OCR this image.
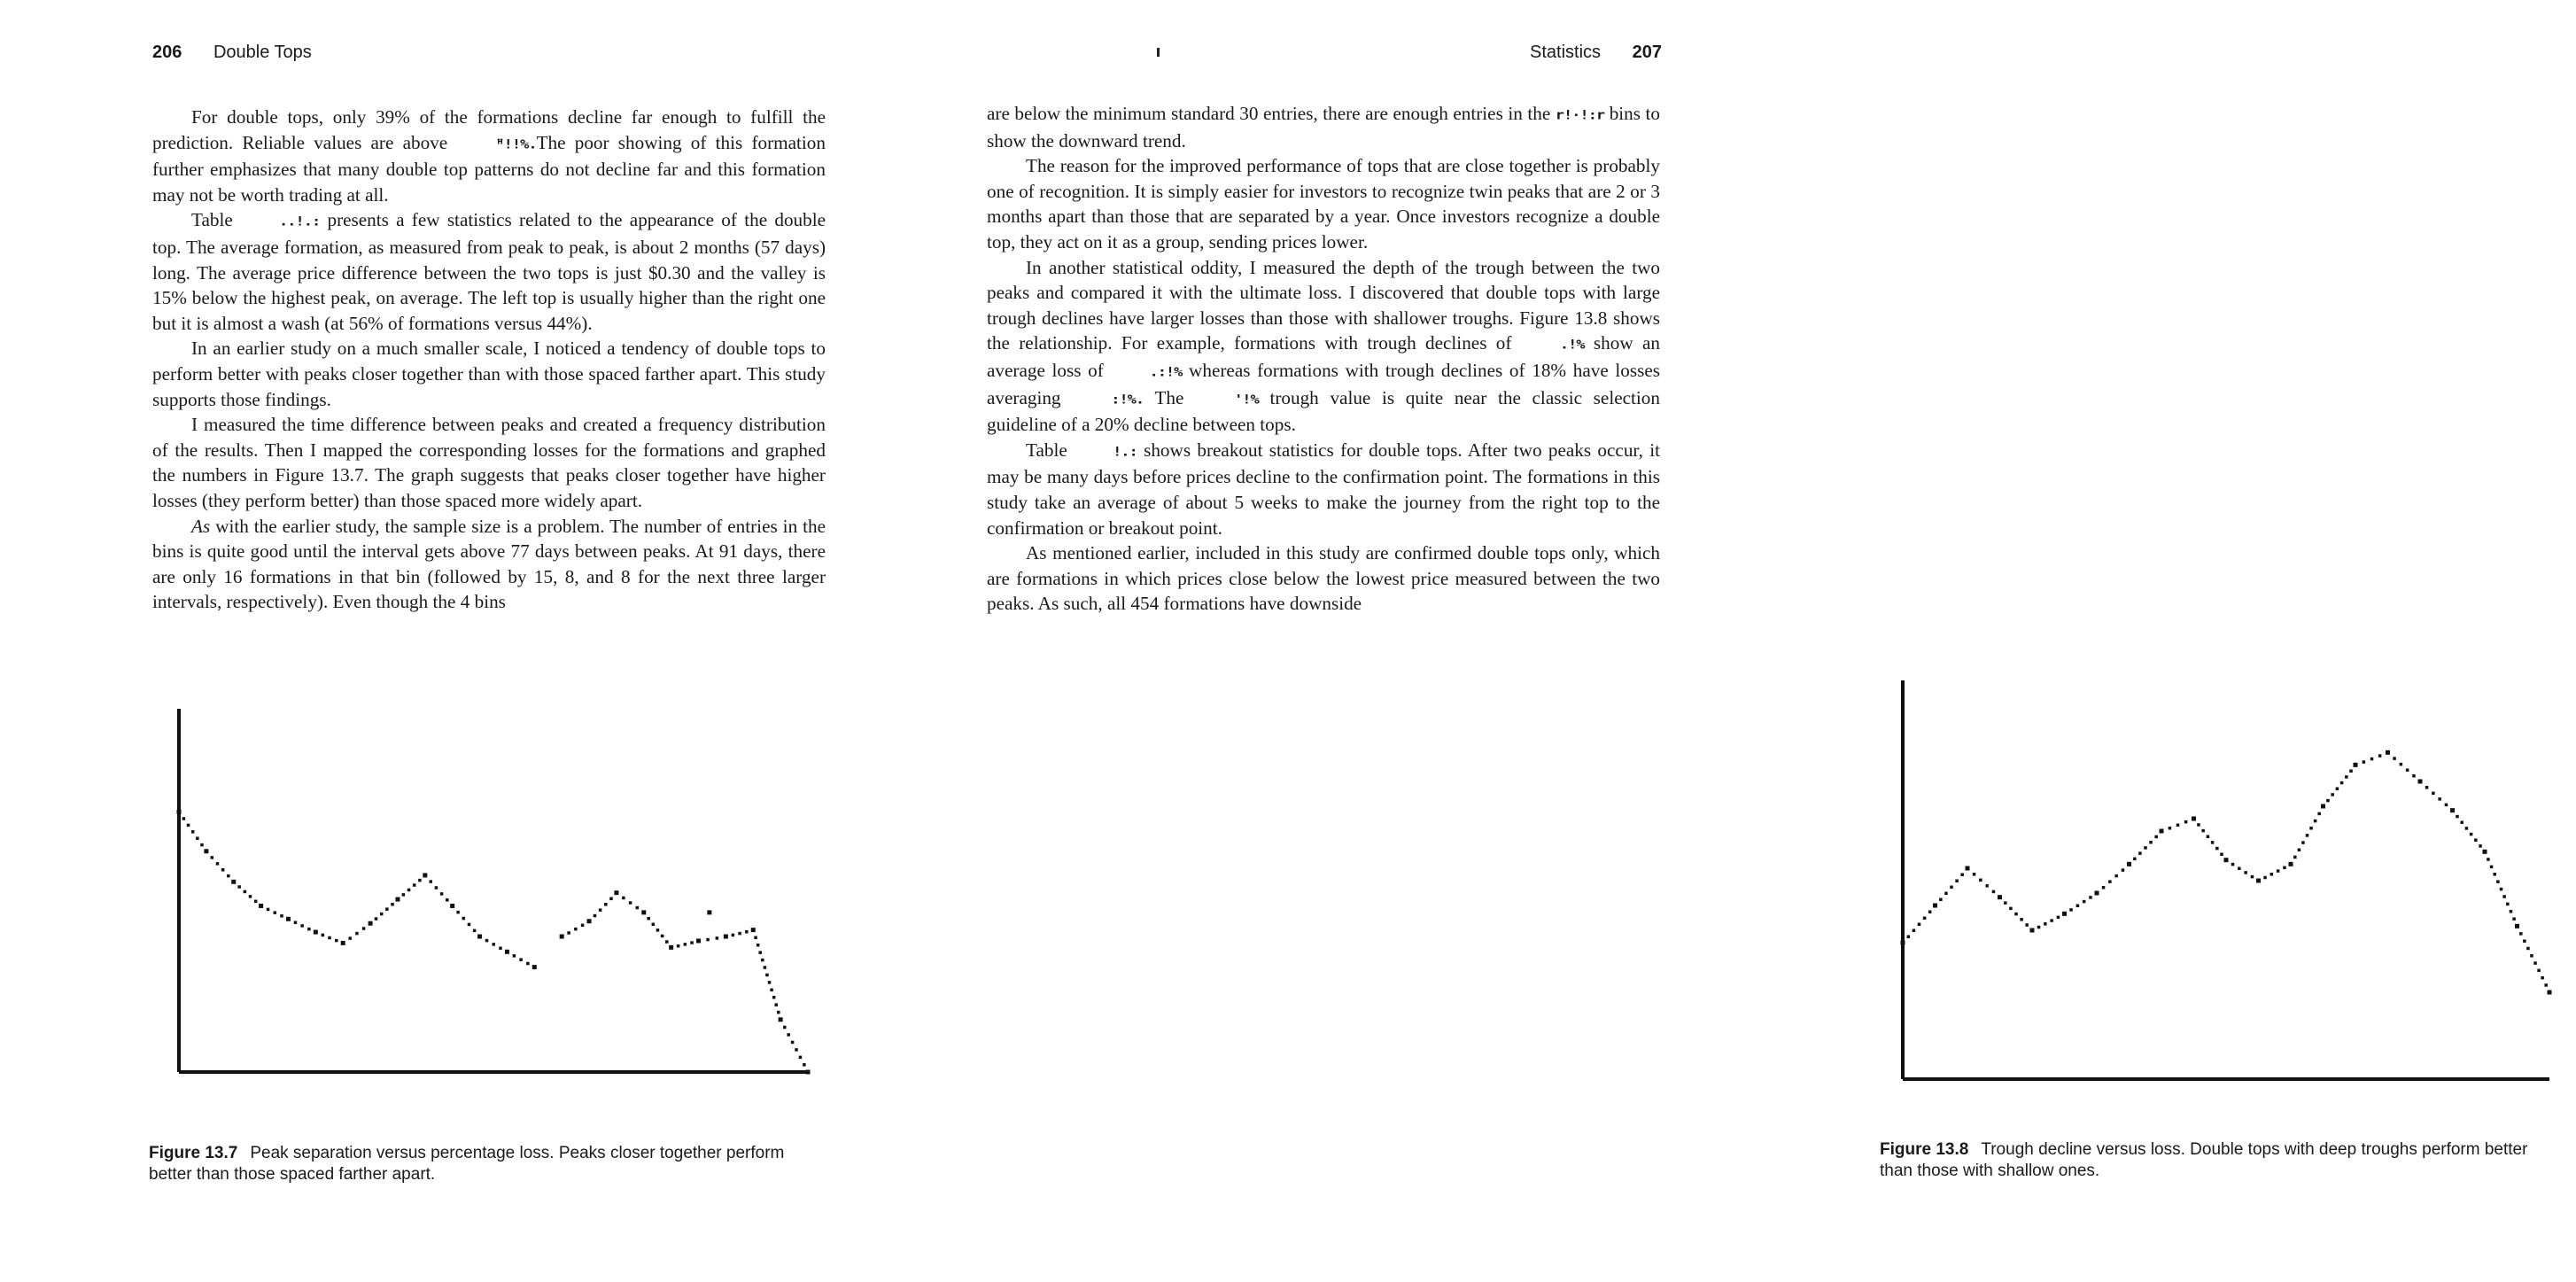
206 Double Tops

For double tops, only 39% of the formations decline far enough to fulfill the prediction. Reliable values are above	ꟸ!!%.The poor showing of this formation further emphasizes that many double top patterns do not decline far and this formation may not be worth trading at all.

Table	..!.: presents a few statistics related to the appearance of the double top. The average formation, as measured from peak to peak, is about 2 months (57 days) long. The average price difference between the two tops is just $0.30 and the valley is 15% below the highest peak, on average. The left top is usually higher than the right one but it is almost a wash (at 56% of formations versus 44%).

In an earlier study on a much smaller scale, I noticed a tendency of double tops to perform better with peaks closer together than with those spaced farther apart. This study supports those findings.

I measured the time difference between peaks and created a frequency distribution of the results. Then I mapped the corresponding losses for the formations and graphed the numbers in Figure 13.7. The graph suggests that peaks closer together have higher losses (they perform better) than those spaced more widely apart.

As with the earlier study, the sample size is a problem. The number of entries in the bins is quite good until the interval gets above 77 days between peaks. At 91 days, there are only 16 formations in that bin (followed by 15, 8, and 8 for the next three larger intervals, respectively). Even though the 4 bins

Figure 13.7 Peak separation versus percentage loss. Peaks closer together perform better than those spaced farther apart.
Statistics 207

are below the minimum standard 30 entries, there are enough entries in the r!·!:r bins to show the downward trend.

The reason for the improved performance of tops that are close together is probably one of recognition. It is simply easier for investors to recognize twin peaks that are 2 or 3 months apart than those that are separated by a year. Once investors recognize a double top, they act on it as a group, sending prices lower.

In another statistical oddity, I measured the depth of the trough between the two peaks and compared it with the ultimate loss. I discovered that double tops with large trough declines have larger losses than those with shallower troughs. Figure 13.8 shows the relationship. For example, formations with trough declines of	.!% show an average loss of	.:!% whereas formations with trough declines of 18% have losses averaging	:!%. The	'!% trough value is quite near the classic selection guideline of a 20% decline between tops.

Table	!.: shows breakout statistics for double tops. After two peaks occur, it may be many days before prices decline to the confirmation point. The formations in this study take an average of about 5 weeks to make the journey from the right top to the confirmation or breakout point.

As mentioned earlier, included in this study are confirmed double tops only, which are formations in which prices close below the lowest price measured between the two peaks. As such, all 454 formations have downside

Figure 13.8 Trough decline versus loss. Double tops with deep troughs perform better than those with shallow ones.
